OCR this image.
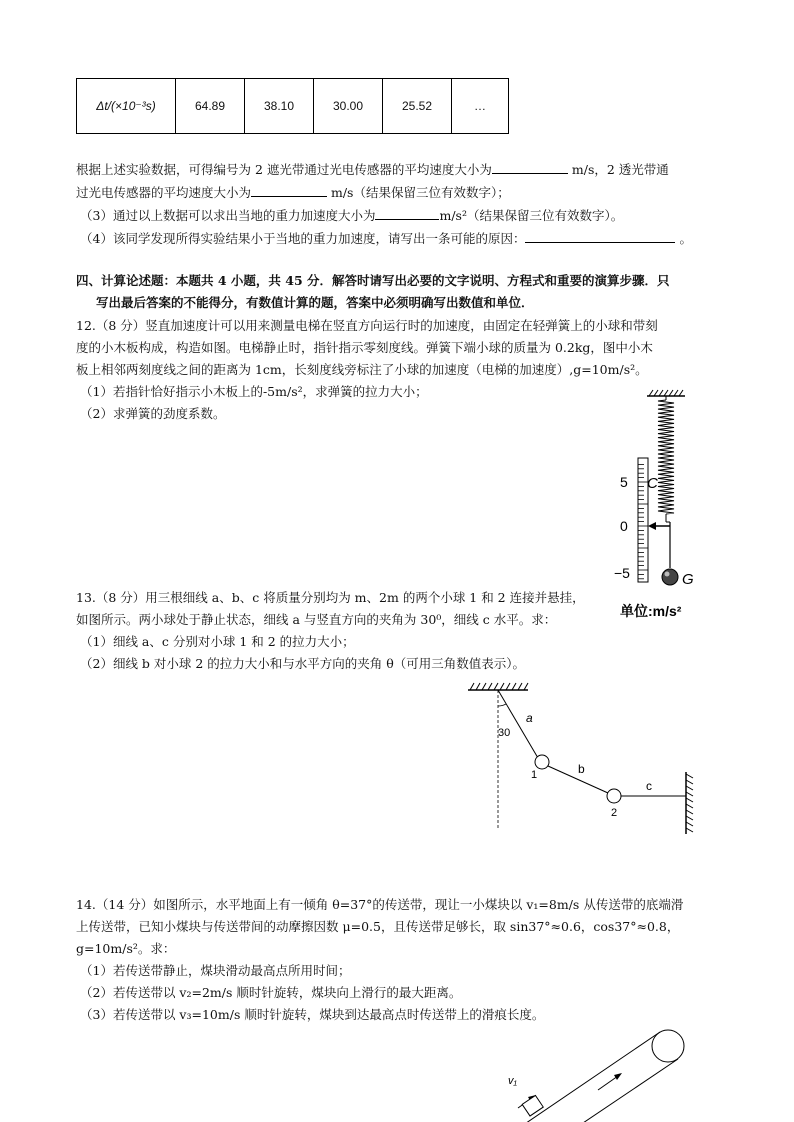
Δt/(×10⁻³s)	64.89	38.10	30.00	25.52	…
根据上述实验数据，可得编号为 2 遮光带通过光电传感器的平均速度大小为	m/s，2 透光带通
过光电传感器的平均速度大小为	m/s（结果保留三位有效数字）；
（3）通过以上数据可以求出当地的重力加速度大小为	m/s²（结果保留三位有效数字）。
（4）该同学发现所得实验结果小于当地的重力加速度，请写出一条可能的原因：	。
四、计算论述题：本题共 4 小题，共 45 分．解答时请写出必要的文字说明、方程式和重要的演算步骤．只
写出最后答案的不能得分，有数值计算的题，答案中必须明确写出数值和单位．
12.（8 分）竖直加速度计可以用来测量电梯在竖直方向运行时的加速度，由固定在轻弹簧上的小球和带刻
度的小木板构成，构造如图。电梯静止时，指针指示零刻度线。弹簧下端小球的质量为 0.2kg，图中小木
板上相邻两刻度线之间的距离为 1cm，长刻度线旁标注了小球的加速度（电梯的加速度）,g=10m/s²。
（1）若指针恰好指示小木板上的-5m/s²，求弹簧的拉力大小；
（2）求弹簧的劲度系数。
5
0
−5
C
G
单位:m/s²
13.（8 分）用三根细线 a、b、c 将质量分别均为 m、2m 的两个小球 1 和 2 连接并悬挂，
如图所示。两小球处于静止状态，细线 a 与竖直方向的夹角为 30⁰，细线 c 水平。求：
（1）细线 a、c 分别对小球 1 和 2 的拉力大小；
（2）细线 b 对小球 2 的拉力大小和与水平方向的夹角 θ（可用三角数值表示）。
30
a
1	b
2
c
14.（14 分）如图所示，水平地面上有一倾角 θ=37°的传送带，现让一小煤块以 v₁=8m/s 从传送带的底端滑
上传送带，已知小煤块与传送带间的动摩擦因数 μ=0.5，且传送带足够长，取 sin37°≈0.6，cos37°≈0.8，
g=10m/s²。求：
（1）若传送带静止，煤块滑动最高点所用时间；
（2）若传送带以 v₂=2m/s 顺时针旋转，煤块向上滑行的最大距离。
（3）若传送带以 v₃=10m/s 顺时针旋转，煤块到达最高点时传送带上的滑痕长度。
v₁
